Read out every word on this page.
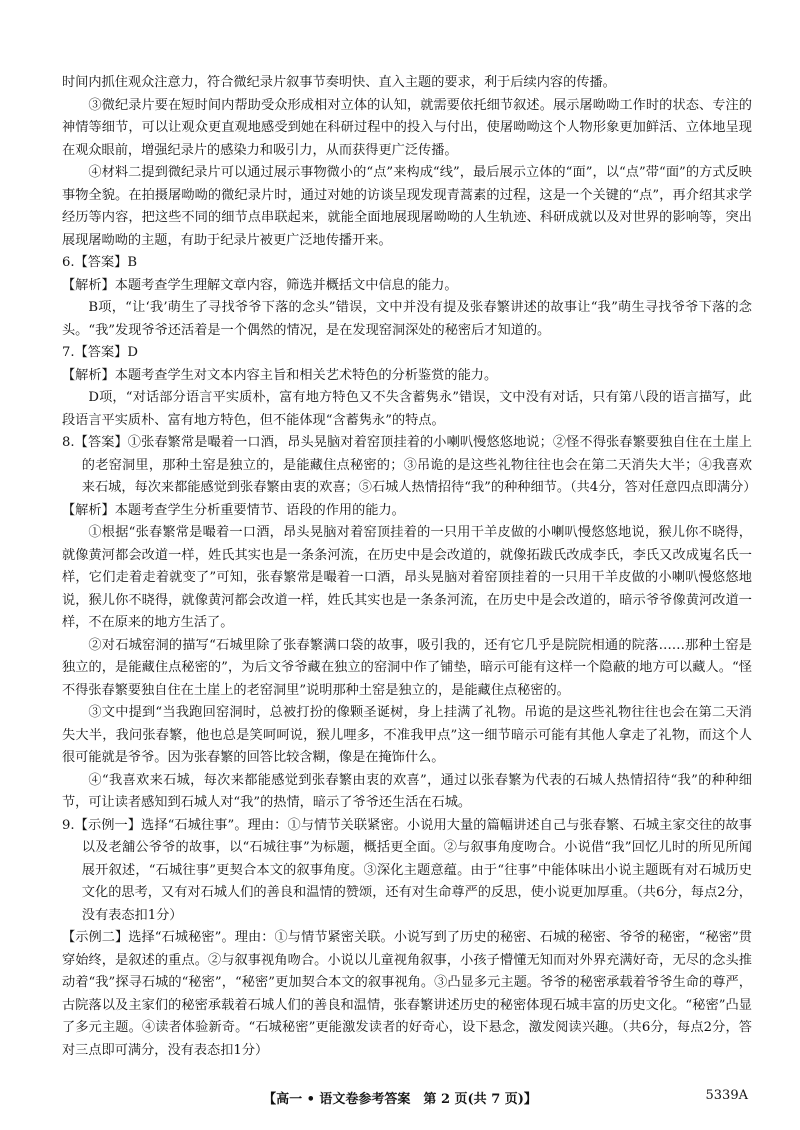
时间内抓住观众注意力，符合微纪录片叙事节奏明快、直入主题的要求，利于后续内容的传播。

③微纪录片要在短时间内帮助受众形成相对立体的认知，就需要依托细节叙述。展示屠呦呦工作时的状态、专注的神情等细节，可以让观众更直观地感受到她在科研过程中的投入与付出，使屠呦呦这个人物形象更加鲜活、立体地呈现在观众眼前，增强纪录片的感染力和吸引力，从而获得更广泛传播。

④材料二提到微纪录片可以通过展示事物微小的“点”来构成“线”，最后展示立体的“面”，以“点”带“面”的方式反映事物全貌。在拍摄屠呦呦的微纪录片时，通过对她的访谈呈现发现青蒿素的过程，这是一个关键的“点”，再介绍其求学经历等内容，把这些不同的细节点串联起来，就能全面地展现屠呦呦的人生轨迹、科研成就以及对世界的影响等，突出展现屠呦呦的主题，有助于纪录片被更广泛地传播开来。

6.【答案】B

【解析】本题考查学生理解文章内容，筛选并概括文中信息的能力。

B项，“让‘我’萌生了寻找爷爷下落的念头”错误，文中并没有提及张春繁讲述的故事让“我”萌生寻找爷爷下落的念头。“我”发现爷爷还活着是一个偶然的情况，是在发现窑洞深处的秘密后才知道的。

7.【答案】D

【解析】本题考查学生对文本内容主旨和相关艺术特色的分析鉴赏的能力。

D项，“对话部分语言平实质朴，富有地方特色又不失含蓄隽永”错误，文中没有对话，只有第八段的语言描写，此段语言平实质朴、富有地方特色，但不能体现“含蓄隽永”的特点。

8.【答案】①张春繁常是嘬着一口酒，昂头晃脑对着窑顶挂着的小喇叭慢悠悠地说；②怪不得张春繁要独自住在土崖上的老窑洞里，那种土窑是独立的，是能藏住点秘密的；③吊诡的是这些礼物往往也会在第二天消失大半；④我喜欢来石城，每次来都能感觉到张春繁由衷的欢喜；⑤石城人热情招待“我”的种种细节。（共4分，答对任意四点即满分）

【解析】本题考查学生分析重要情节、语段的作用的能力。

①根据“张春繁常是嘬着一口酒，昂头晃脑对着窑顶挂着的一只用干羊皮做的小喇叭慢悠悠地说，猴儿你不晓得，就像黄河都会改道一样，姓氏其实也是一条条河流，在历史中是会改道的，就像拓跋氏改成李氏，李氏又改成嵬名氏一样，它们走着走着就变了”可知，张春繁常是嘬着一口酒，昂头晃脑对着窑顶挂着的一只用干羊皮做的小喇叭慢悠悠地说，猴儿你不晓得，就像黄河都会改道一样，姓氏其实也是一条条河流，在历史中是会改道的，暗示爷爷像黄河改道一样，不在原来的地方生活了。

②对石城窑洞的描写“石城里除了张春繁满口袋的故事，吸引我的，还有它几乎是院院相通的院落……那种土窑是独立的，是能藏住点秘密的”，为后文爷爷藏在独立的窑洞中作了铺垫，暗示可能有这样一个隐蔽的地方可以藏人。“怪不得张春繁要独自住在土崖上的老窑洞里”说明那种土窑是独立的，是能藏住点秘密的。

③文中提到“当我跑回窑洞时，总被打扮的像颗圣诞树，身上挂满了礼物。吊诡的是这些礼物往往也会在第二天消失大半，我问张春繁，他也总是笑呵呵说，猴儿哩多，不准我甲点”这一细节暗示可能有其他人拿走了礼物，而这个人很可能就是爷爷。因为张春繁的回答比较含糊，像是在掩饰什么。

④“我喜欢来石城，每次来都能感觉到张春繁由衷的欢喜”，通过以张春繁为代表的石城人热情招待“我”的种种细节，可让读者感知到石城人对“我”的热情，暗示了爷爷还生活在石城。

9.【示例一】选择“石城往事”。理由：①与情节关联紧密。小说用大量的篇幅讲述自己与张春繁、石城主家交往的故事以及老舖公爷爷的故事，以“石城往事”为标题，概括更全面。②与叙事角度吻合。小说借“我”回忆儿时的所见所闻展开叙述，“石城往事”更契合本文的叙事角度。③深化主题意蕴。由于“往事”中能体味出小说主题既有对石城历史文化的思考，又有对石城人们的善良和温情的赞颂，还有对生命尊严的反思，使小说更加厚重。（共6分，每点2分，没有表态扣1分）

【示例二】选择“石城秘密”。理由：①与情节紧密关联。小说写到了历史的秘密、石城的秘密、爷爷的秘密，“秘密”贯穿始终，是叙述的重点。②与叙事视角吻合。小说以儿童视角叙事，小孩子懵懂无知而对外界充满好奇，无尽的念头推动着“我”探寻石城的“秘密”，“秘密”更加契合本文的叙事视角。③凸显多元主题。爷爷的秘密承载着爷爷生命的尊严，古院落以及主家们的秘密承载着石城人们的善良和温情，张春繁讲述历史的秘密体现石城丰富的历史文化。“秘密”凸显了多元主题。④读者体验新奇。“石城秘密”更能激发读者的好奇心，设下悬念，激发阅读兴趣。（共6分，每点2分，答对三点即可满分，没有表态扣1分）

【高一 • 语文卷参考答案　第 2 页(共 7 页)】	5339A
